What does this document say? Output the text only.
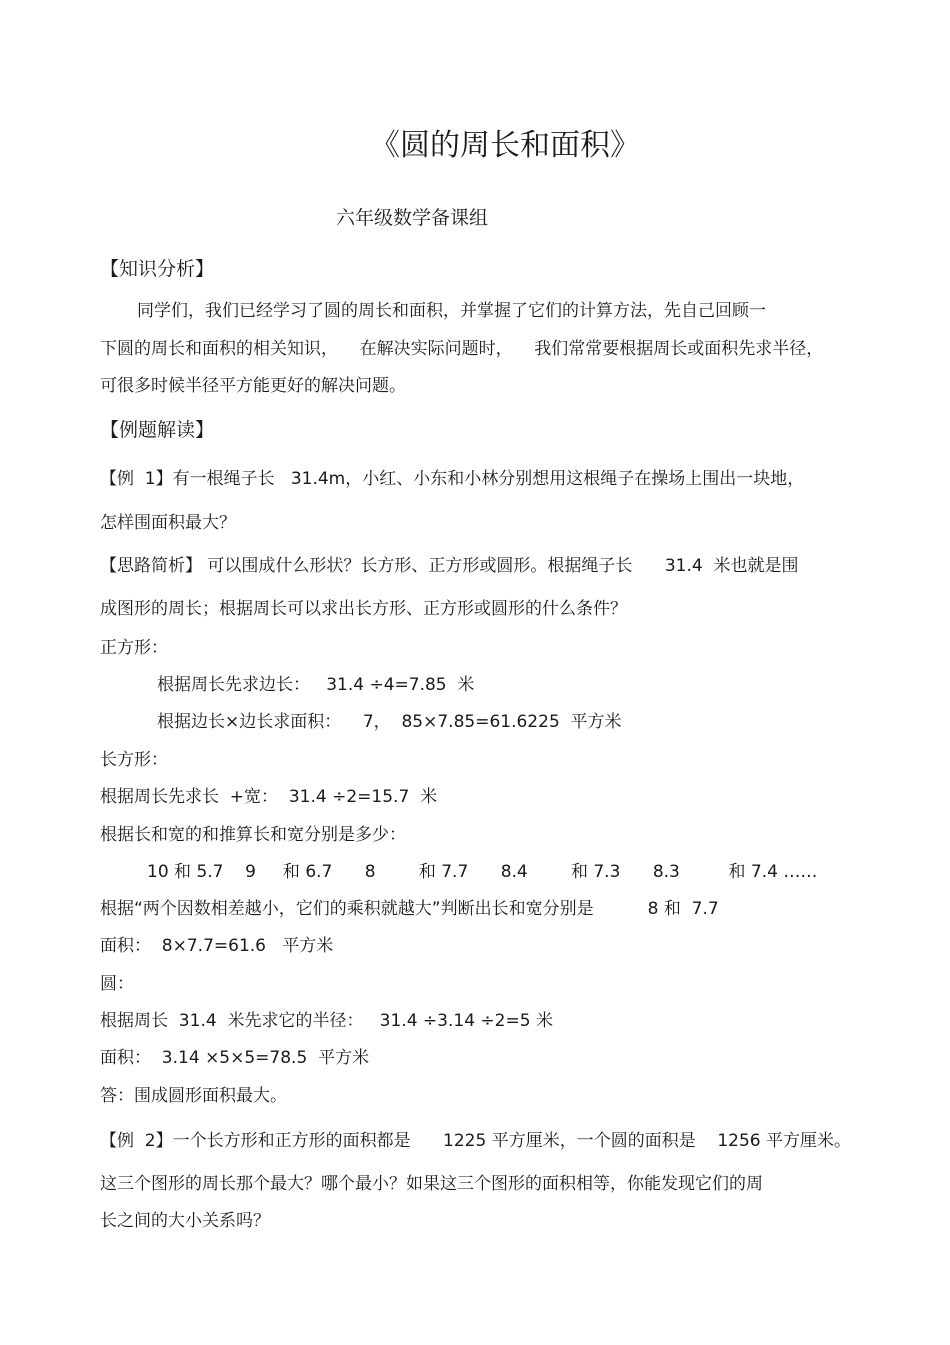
《圆的周长和面积》
六年级数学备课组
【知识分析】
同学们，我们已经学习了圆的周长和面积，并掌握了它们的计算方法，先自己回顾一
下圆的周长和面积的相关知识，    在解决实际问题时，    我们常常要根据周长或面积先求半径，
可很多时候半径平方能更好的解决问题。
【例题解读】
【例  1】有一根绳子长   31.4m，小红、小东和小林分别想用这根绳子在操场上围出一块地，
怎样围面积最大？
【思路简析】 可以围成什么形状？长方形、正方形或圆形。根据绳子长      31.4  米也就是围
成图形的周长；根据周长可以求出长方形、正方形或圆形的什么条件？
正方形：
根据周长先求边长：   31.4 ÷4=7.85  米
根据边长×边长求面积：    7，  85×7.85=61.6225  平方米
长方形：
根据周长先求长  +宽：  31.4 ÷2=15.7  米
根据长和宽的和推算长和宽分别是多少：
10 和 5.7    9     和 6.7      8        和 7.7      8.4        和 7.3      8.3         和 7.4 ……
根据“两个因数相差越小，它们的乘积就越大”判断出长和宽分别是          8 和  7.7
面积：  8×7.7=61.6   平方米
圆：
根据周长  31.4  米先求它的半径：   31.4 ÷3.14 ÷2=5 米
面积：  3.14 ×5×5=78.5  平方米
答：围成圆形面积最大。
【例  2】一个长方形和正方形的面积都是      1225 平方厘米，一个圆的面积是    1256 平方厘米。
这三个图形的周长那个最大？哪个最小？如果这三个图形的面积相等，你能发现它们的周
长之间的大小关系吗？
